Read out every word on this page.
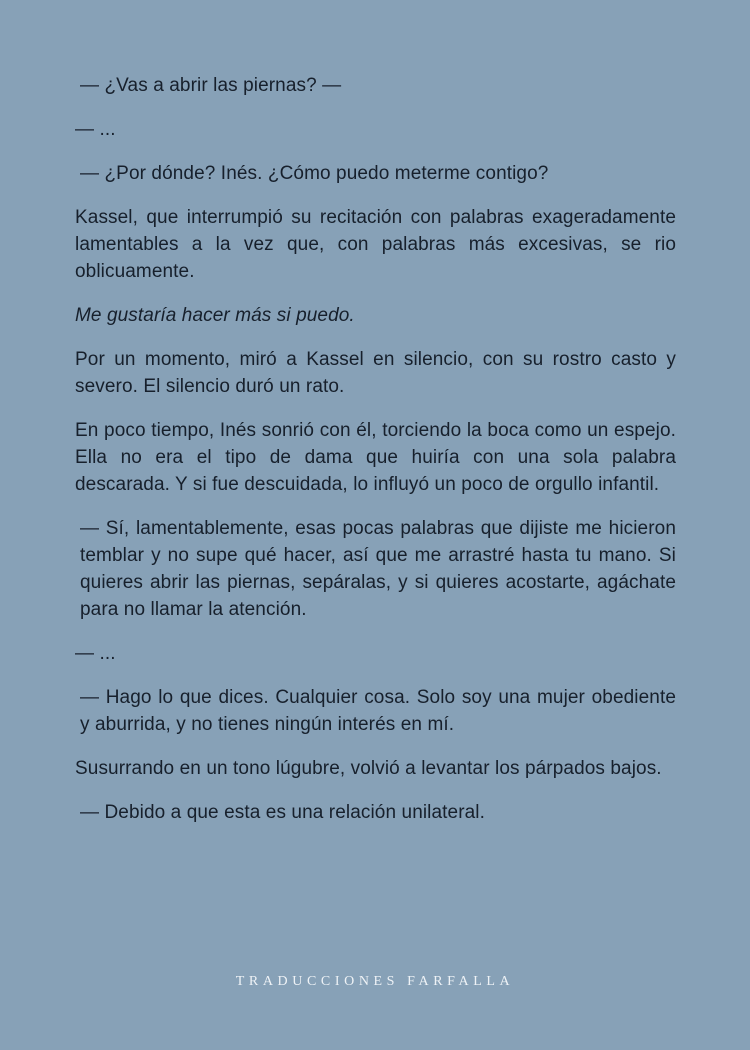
— ¿Vas a abrir las piernas? —

— ...

— ¿Por dónde? Inés. ¿Cómo puedo meterme contigo?

Kassel, que interrumpió su recitación con palabras exageradamente lamentables a la vez que, con palabras más excesivas, se rio oblicuamente.

Me gustaría hacer más si puedo.

Por un momento, miró a Kassel en silencio, con su rostro casto y severo. El silencio duró un rato.

En poco tiempo, Inés sonrió con él, torciendo la boca como un espejo. Ella no era el tipo de dama que huiría con una sola palabra descarada. Y si fue descuidada, lo influyó un poco de orgullo infantil.

— Sí, lamentablemente, esas pocas palabras que dijiste me hicieron temblar y no supe qué hacer, así que me arrastré hasta tu mano. Si quieres abrir las piernas, sepáralas, y si quieres acostarte, agáchate para no llamar la atención.

— ...

— Hago lo que dices. Cualquier cosa. Solo soy una mujer obediente y aburrida, y no tienes ningún interés en mí.

Susurrando en un tono lúgubre, volvió a levantar los párpados bajos.

— Debido a que esta es una relación unilateral.

TRADUCCIONES FARFALLA
